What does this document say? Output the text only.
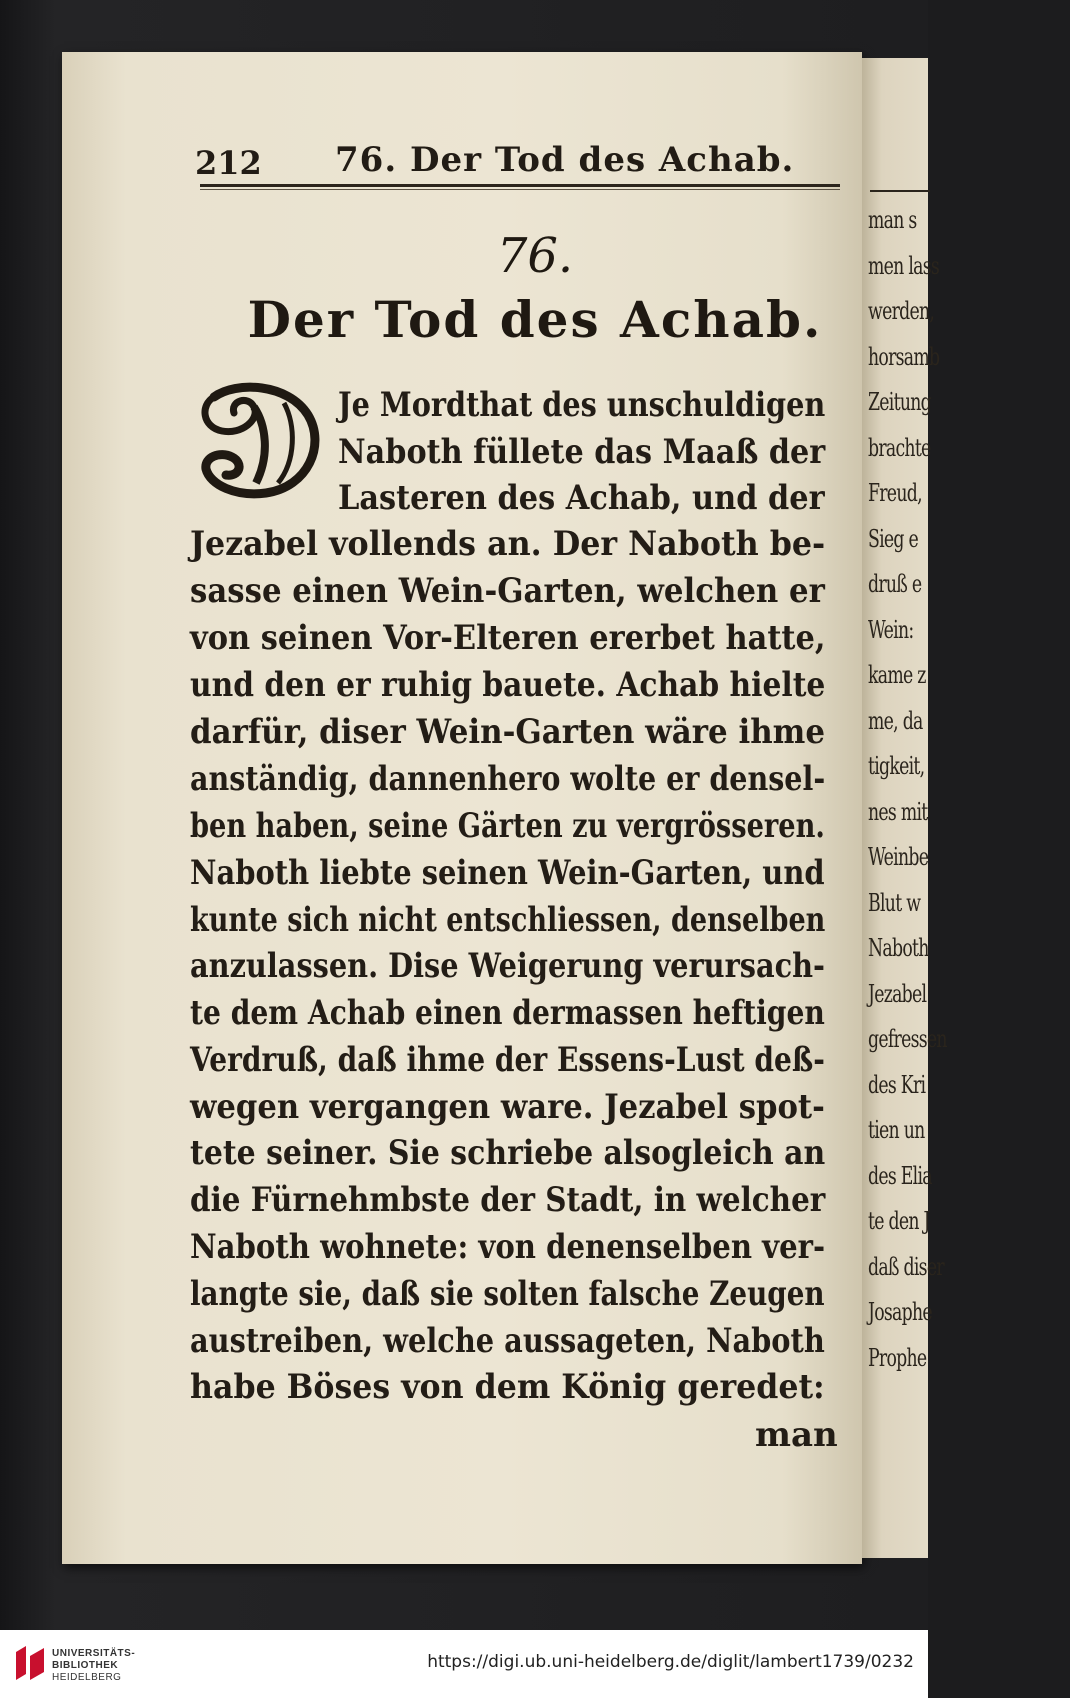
man s
men lass
werden,
horsamb
Zeitung
brachte
Freud,
Sieg e
druß e
Wein:
kame z
me, da
tigkeit,
nes mit
Weinbe
Blut w
Naboth
Jezabel
gefressen
des Kri
tien un
des Elia
te den J
daß diser
Josaphe
Prophe
212 76. Der Tod des Achab.
76.
Der Tod des Achab.
Je Mordthat des unschuldigen
Naboth füllete das Maaß der
Lasteren des Achab, und der
Jezabel vollends an. Der Naboth be-
sasse einen Wein-Garten, welchen er
von seinen Vor-Elteren ererbet hatte,
und den er ruhig bauete. Achab hielte
darfür, diser Wein-Garten wäre ihme
anständig, dannenhero wolte er densel-
ben haben, seine Gärten zu vergrösseren.
Naboth liebte seinen Wein-Garten, und
kunte sich nicht entschliessen, denselben
anzulassen. Dise Weigerung verursach-
te dem Achab einen dermassen heftigen
Verdruß, daß ihme der Essens-Lust deß-
wegen vergangen ware. Jezabel spot-
tete seiner. Sie schriebe alsogleich an
die Fürnehmbste der Stadt, in welcher
Naboth wohnete: von denenselben ver-
langte sie, daß sie solten falsche Zeugen
austreiben, welche aussageten, Naboth
habe Böses von dem König geredet:
man
UNIVERSITÄTS-
BIBLIOTHEK
HEIDELBERG
https://digi.ub.uni-heidelberg.de/diglit/lambert1739/0232
